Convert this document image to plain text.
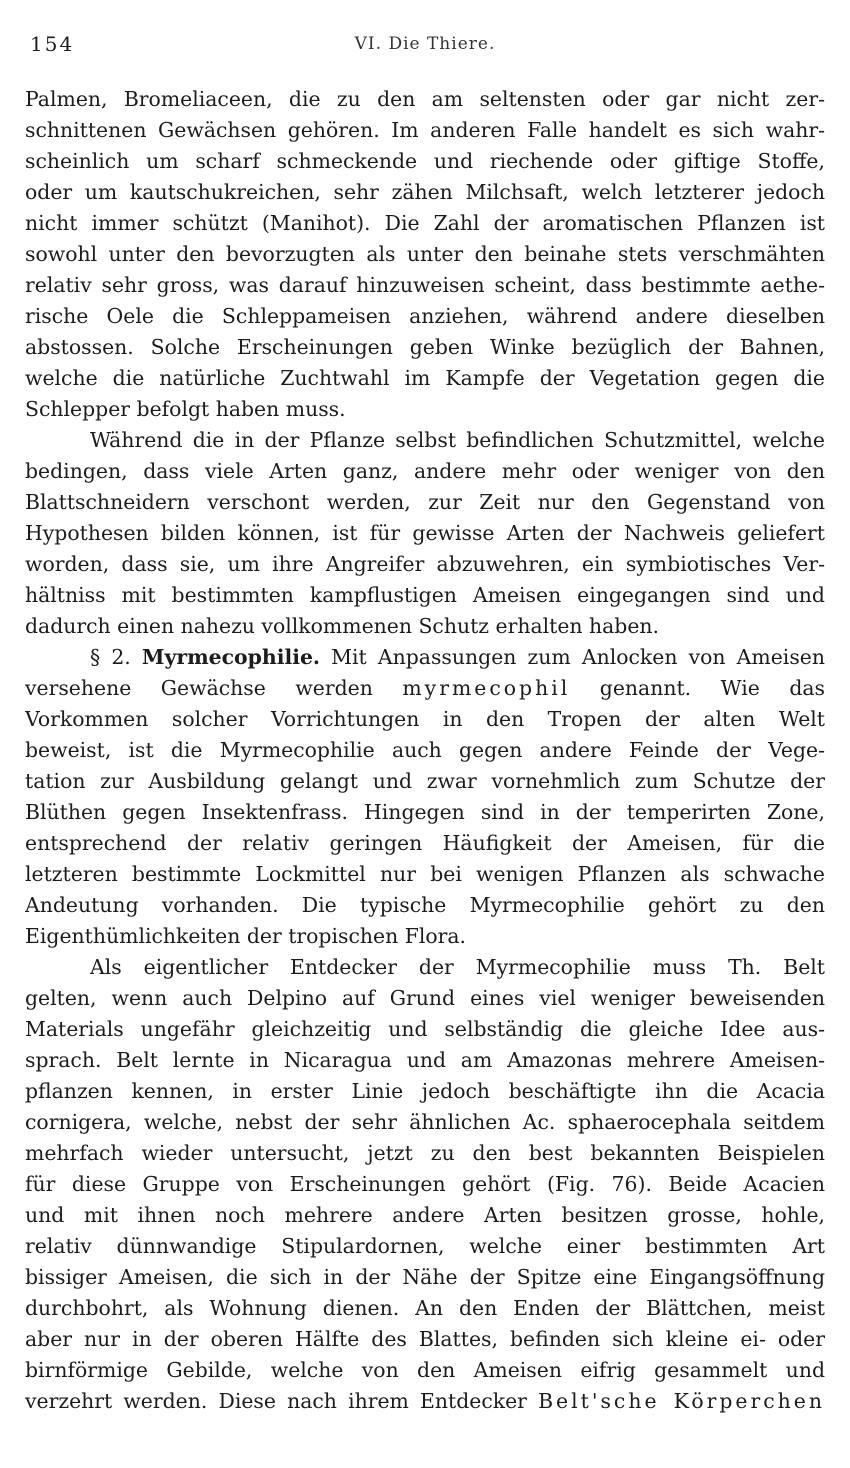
154	VI. Die Thiere.
Palmen, Bromeliaceen, die zu den am seltensten oder gar nicht zer-
schnittenen Gewächsen gehören. Im anderen Falle handelt es sich wahr-
scheinlich um scharf schmeckende und riechende oder giftige Stoffe,
oder um kautschukreichen, sehr zähen Milchsaft, welch letzterer jedoch
nicht immer schützt (Manihot). Die Zahl der aromatischen Pflanzen ist
sowohl unter den bevorzugten als unter den beinahe stets verschmähten
relativ sehr gross, was darauf hinzuweisen scheint, dass bestimmte aethe-
rische Oele die Schleppameisen anziehen, während andere dieselben
abstossen. Solche Erscheinungen geben Winke bezüglich der Bahnen,
welche die natürliche Zuchtwahl im Kampfe der Vegetation gegen die
Schlepper befolgt haben muss.
Während die in der Pflanze selbst befindlichen Schutzmittel, welche
bedingen, dass viele Arten ganz, andere mehr oder weniger von den
Blattschneidern verschont werden, zur Zeit nur den Gegenstand von
Hypothesen bilden können, ist für gewisse Arten der Nachweis geliefert
worden, dass sie, um ihre Angreifer abzuwehren, ein symbiotisches Ver-
hältniss mit bestimmten kampflustigen Ameisen eingegangen sind und
dadurch einen nahezu vollkommenen Schutz erhalten haben.
§ 2. Myrmecophilie. Mit Anpassungen zum Anlocken von Ameisen
versehene Gewächse werden myrmecophil genannt. Wie das
Vorkommen solcher Vorrichtungen in den Tropen der alten Welt
beweist, ist die Myrmecophilie auch gegen andere Feinde der Vege-
tation zur Ausbildung gelangt und zwar vornehmlich zum Schutze der
Blüthen gegen Insektenfrass. Hingegen sind in der temperirten Zone,
entsprechend der relativ geringen Häufigkeit der Ameisen, für die
letzteren bestimmte Lockmittel nur bei wenigen Pflanzen als schwache
Andeutung vorhanden. Die typische Myrmecophilie gehört zu den
Eigenthümlichkeiten der tropischen Flora.
Als eigentlicher Entdecker der Myrmecophilie muss Th. Belt
gelten, wenn auch Delpino auf Grund eines viel weniger beweisenden
Materials ungefähr gleichzeitig und selbständig die gleiche Idee aus-
sprach. Belt lernte in Nicaragua und am Amazonas mehrere Ameisen-
pflanzen kennen, in erster Linie jedoch beschäftigte ihn die Acacia
cornigera, welche, nebst der sehr ähnlichen Ac. sphaerocephala seitdem
mehrfach wieder untersucht, jetzt zu den best bekannten Beispielen
für diese Gruppe von Erscheinungen gehört (Fig. 76). Beide Acacien
und mit ihnen noch mehrere andere Arten besitzen grosse, hohle,
relativ dünnwandige Stipulardornen, welche einer bestimmten Art
bissiger Ameisen, die sich in der Nähe der Spitze eine Eingangsöffnung
durchbohrt, als Wohnung dienen. An den Enden der Blättchen, meist
aber nur in der oberen Hälfte des Blattes, befinden sich kleine ei- oder
birnförmige Gebilde, welche von den Ameisen eifrig gesammelt und
verzehrt werden. Diese nach ihrem Entdecker Belt'sche Körperchen
